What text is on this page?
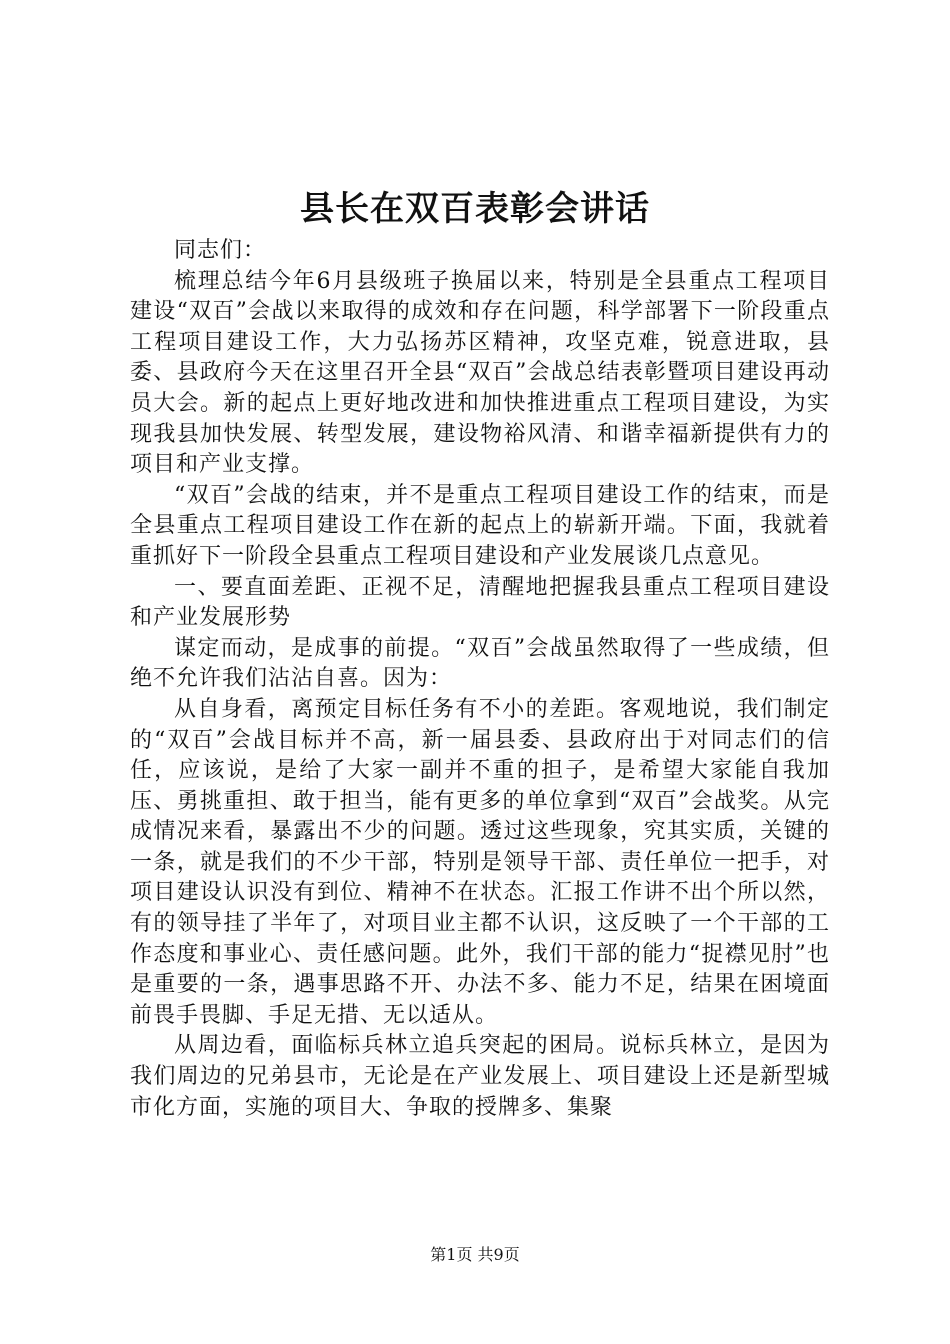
县长在双百表彰会讲话

同志们：

梳理总结今年6月县级班子换届以来，特别是全县重点工程项目建设“双百”会战以来取得的成效和存在问题，科学部署下一阶段重点工程项目建设工作，大力弘扬苏区精神，攻坚克难，锐意进取，县委、县政府今天在这里召开全县“双百”会战总结表彰暨项目建设再动员大会。新的起点上更好地改进和加快推进重点工程项目建设，为实现我县加快发展、转型发展，建设物裕风清、和谐幸福新提供有力的项目和产业支撑。

“双百”会战的结束，并不是重点工程项目建设工作的结束，而是全县重点工程项目建设工作在新的起点上的崭新开端。下面，我就着重抓好下一阶段全县重点工程项目建设和产业发展谈几点意见。

一、要直面差距、正视不足，清醒地把握我县重点工程项目建设和产业发展形势

谋定而动，是成事的前提。“双百”会战虽然取得了一些成绩，但绝不允许我们沾沾自喜。因为：

从自身看，离预定目标任务有不小的差距。客观地说，我们制定的“双百”会战目标并不高，新一届县委、县政府出于对同志们的信任，应该说，是给了大家一副并不重的担子，是希望大家能自我加压、勇挑重担、敢于担当，能有更多的单位拿到“双百”会战奖。从完成情况来看，暴露出不少的问题。透过这些现象，究其实质，关键的一条，就是我们的不少干部，特别是领导干部、责任单位一把手，对项目建设认识没有到位、精神不在状态。汇报工作讲不出个所以然，有的领导挂了半年了，对项目业主都不认识，这反映了一个干部的工作态度和事业心、责任感问题。此外，我们干部的能力“捉襟见肘”也是重要的一条，遇事思路不开、办法不多、能力不足，结果在困境面前畏手畏脚、手足无措、无以适从。

从周边看，面临标兵林立追兵突起的困局。说标兵林立，是因为我们周边的兄弟县市，无论是在产业发展上、项目建设上还是新型城市化方面，实施的项目大、争取的授牌多、集聚

第1页 共9页
